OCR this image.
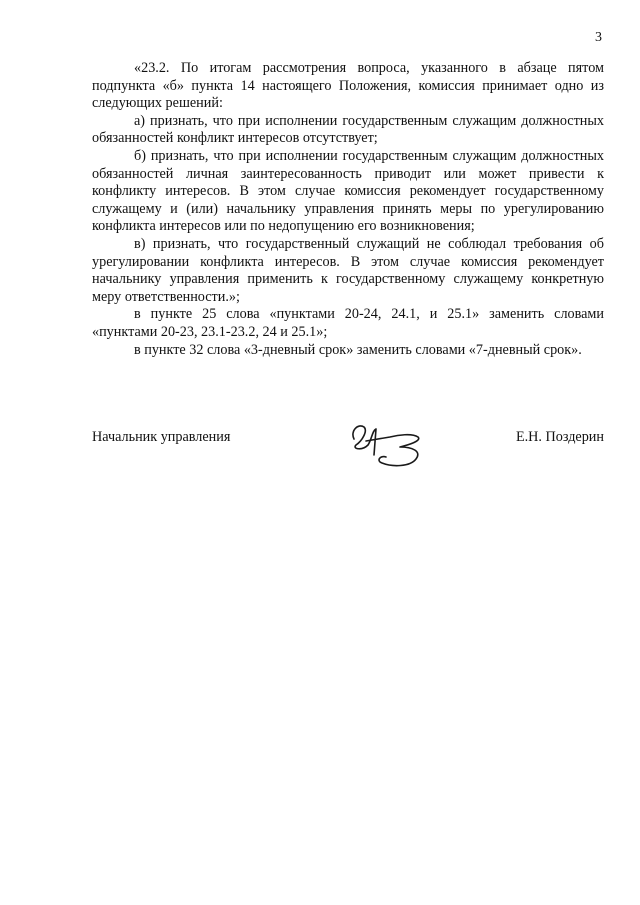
3

«23.2. По итогам рассмотрения вопроса, указанного в абзаце пятом подпункта «б» пункта 14 настоящего Положения, комиссия принимает одно из следующих решений:

а) признать, что при исполнении государственным служащим должностных обязанностей конфликт интересов отсутствует;

б) признать, что при исполнении государственным служащим должностных обязанностей личная заинтересованность приводит или может привести к конфликту интересов. В этом случае комиссия рекомендует государственному служащему и (или) начальнику управления принять меры по урегулированию конфликта интересов или по недопущению его возникновения;

в) признать, что государственный служащий не соблюдал требования об урегулировании конфликта интересов. В этом случае комиссия рекомендует начальнику управления применить к государственному служащему конкретную меру ответственности.»;

в пункте 25 слова «пунктами 20-24, 24.1, и 25.1» заменить словами «пунктами 20-23, 23.1-23.2, 24 и 25.1»;

в пункте 32 слова «3-дневный срок» заменить словами «7-дневный срок».

Начальник управления	Е.Н. Поздерин
